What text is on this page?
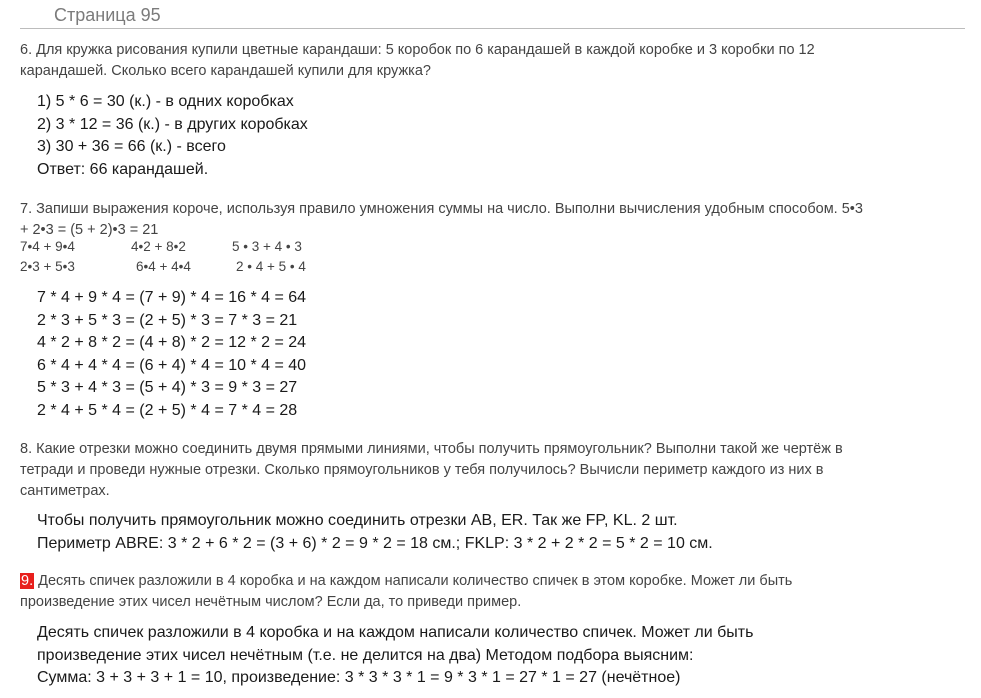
Страница 95
6. Для кружка рисования купили цветные карандаши: 5 коробок по 6 карандашей в каждой коробке и 3 коробки по 12
карандашей. Сколько всего карандашей купили для кружка?
1) 5 * 6 = 30 (к.) - в одних коробках
2) 3 * 12 = 36 (к.) - в других коробках
3) 30 + 36 = 66 (к.) - всего
Ответ: 66 карандашей.
7. Запиши выражения короче, используя правило умножения суммы на число. Выполни вычисления удобным способом. 5•3
+ 2•3 = (5 + 2)•3 = 21
7•4 + 9•4	4•2 + 8•2	5 • 3 + 4 • 3
2•3 + 5•3	6•4 + 4•4	2 • 4 + 5 • 4
7 * 4 + 9 * 4 = (7 + 9) * 4 = 16 * 4 = 64
2 * 3 + 5 * 3 = (2 + 5) * 3 = 7 * 3 = 21
4 * 2 + 8 * 2 = (4 + 8) * 2 = 12 * 2 = 24
6 * 4 + 4 * 4 = (6 + 4) * 4 = 10 * 4 = 40
5 * 3 + 4 * 3 = (5 + 4) * 3 = 9 * 3 = 27
2 * 4 + 5 * 4 = (2 + 5) * 4 = 7 * 4 = 28
8. Какие отрезки можно соединить двумя прямыми линиями, чтобы получить прямоугольник? Выполни такой же чертёж в
тетради и проведи нужные отрезки. Сколько прямоугольников у тебя получилось? Вычисли периметр каждого из них в
сантиметрах.
Чтобы получить прямоугольник можно соединить отрезки AB, ER. Так же FP, KL. 2 шт.
Периметр ABRE: 3 * 2 + 6 * 2 = (3 + 6) * 2 = 9 * 2 = 18 см.; FKLP: 3 * 2 + 2 * 2 = 5 * 2 = 10 см.
9. Десять спичек разложили в 4 коробка и на каждом написали количество спичек в этом коробке. Может ли быть
произведение этих чисел нечётным числом? Если да, то приведи пример.
Десять спичек разложили в 4 коробка и на каждом написали количество спичек. Может ли быть
произведение этих чисел нечётным (т.е. не делится на два) Методом подбора выясним:
Сумма: 3 + 3 + 3 + 1 = 10, произведение: 3 * 3 * 3 * 1 = 9 * 3 * 1 = 27 * 1 = 27 (нечётное)
